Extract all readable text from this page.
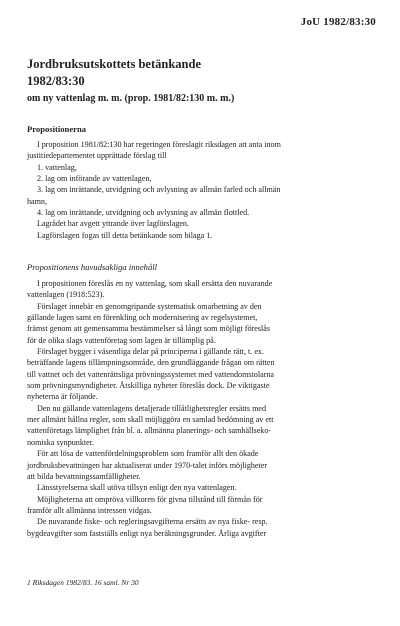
JoU 1982/83:30
Jordbruksutskottets betänkande
1982/83:30
om ny vattenlag m. m. (prop. 1981/82:130 m. m.)
Propositionerna

I proposition 1981/82:130 har regeringen föreslagit riksdagen att anta inom

justitiedepartementet upprättade förslag till

1. vattenlag,

2. lag om införande av vattenlagen,

3. lag om inrättande, utvidgning och avlysning av allmän farled och allmän

hamn,

4. lag om inrättande, utvidgning och avlysning av allmän flottled.

Lagrådet har avgett yttrande över lagförslagen.

Lagförslagen fogas till detta betänkande som bilaga 1.

Propositionens huvudsakliga innehåll

I propositionen föreslås en ny vattenlag, som skall ersätta den nuvarande

vattenlagen (1918:523).

Förslaget innebär en genomgripande systematisk omarbetning av den

gällande lagen samt en förenkling och modernisering av regelsystemet,

främst genom att gemensamma bestämmelser så långt som möjligt föreslås

för de olika slags vattenföretag som lagen är tillämplig på.

Förslaget bygger i väsentliga delar på principerna i gällande rätt, t. ex.

beträffande lagens tillämpningsområde, den grundläggande frågan om rätten

till vattnet och det vattenrättsliga prövningssystemet med vattendomstolarna

som prövningsmyndigheter. Åtskilliga nyheter föreslås dock. De viktigaste

nyheterna är följande.

Den nu gällande vattenlagens detaljerade tillåtlighetsregler ersätts med

mer allmänt hållna regler, som skall möjliggöra en samlad bedömning av ett

vattenföretags lämplighet från bl. a. allmänna planerings- och samhällseko-

nomiska synpunkter.

För att lösa de vattenfördelningsproblem som framför allt den ökade

jordbruksbevattningen har aktualiserat under 1970-talet införs möjligheter

att bilda bevattningssamfälligheter.

Länsstyrelserna skall utöva tillsyn enligt den nya vattenlagen.

Möjligheterna att ompröva villkoren för givna tillstånd till förmån för

framför allt allmänna intressen vidgas.

De nuvarande fiske- och regleringsavgifterna ersätts av nya fiske- resp.

bygdeavgifter som fastställs enligt nya beräkningsgrunder. Årliga avgifter

1 Riksdagen 1982/83. 16 saml. Nr 30
